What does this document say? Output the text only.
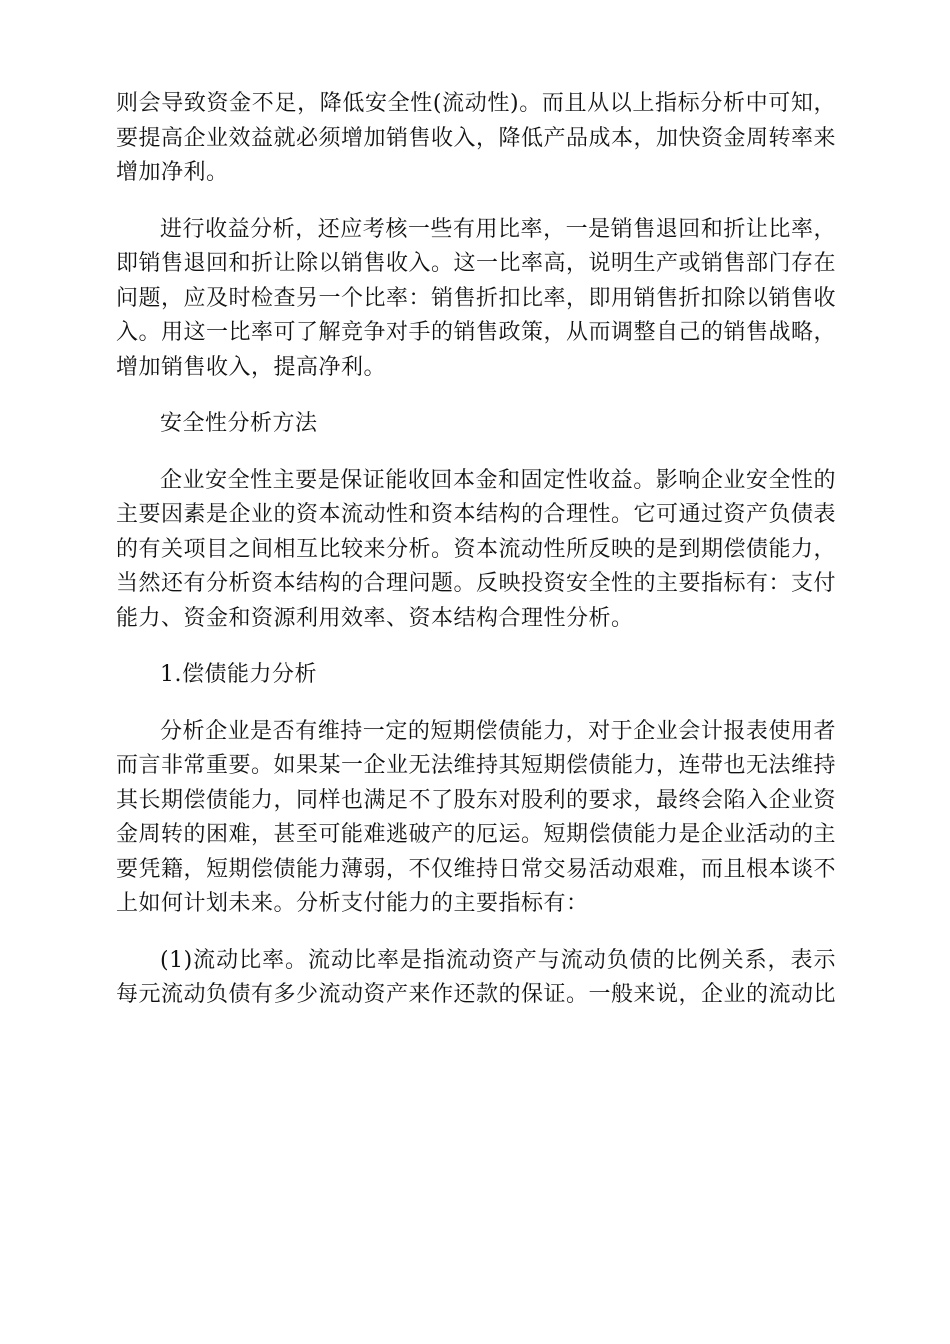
则会导致资金不足，降低安全性(流动性)。而且从以上指标分析中可知，要提高企业效益就必须增加销售收入，降低产品成本，加快资金周转率来增加净利。

进行收益分析，还应考核一些有用比率，一是销售退回和折让比率，即销售退回和折让除以销售收入。这一比率高，说明生产或销售部门存在问题，应及时检查另一个比率：销售折扣比率，即用销售折扣除以销售收入。用这一比率可了解竞争对手的销售政策，从而调整自己的销售战略，增加销售收入，提高净利。

安全性分析方法

企业安全性主要是保证能收回本金和固定性收益。影响企业安全性的主要因素是企业的资本流动性和资本结构的合理性。它可通过资产负债表的有关项目之间相互比较来分析。资本流动性所反映的是到期偿债能力，当然还有分析资本结构的合理问题。反映投资安全性的主要指标有：支付能力、资金和资源利用效率、资本结构合理性分析。

1.偿债能力分析

分析企业是否有维持一定的短期偿债能力，对于企业会计报表使用者而言非常重要。如果某一企业无法维持其短期偿债能力，连带也无法维持其长期偿债能力，同样也满足不了股东对股利的要求，最终会陷入企业资金周转的困难，甚至可能难逃破产的厄运。短期偿债能力是企业活动的主要凭籍，短期偿债能力薄弱，不仅维持日常交易活动艰难，而且根本谈不上如何计划未来。分析支付能力的主要指标有：

(1)流动比率。流动比率是指流动资产与流动负债的比例关系，表示每元流动负债有多少流动资产来作还款的保证。一般来说，企业的流动比
